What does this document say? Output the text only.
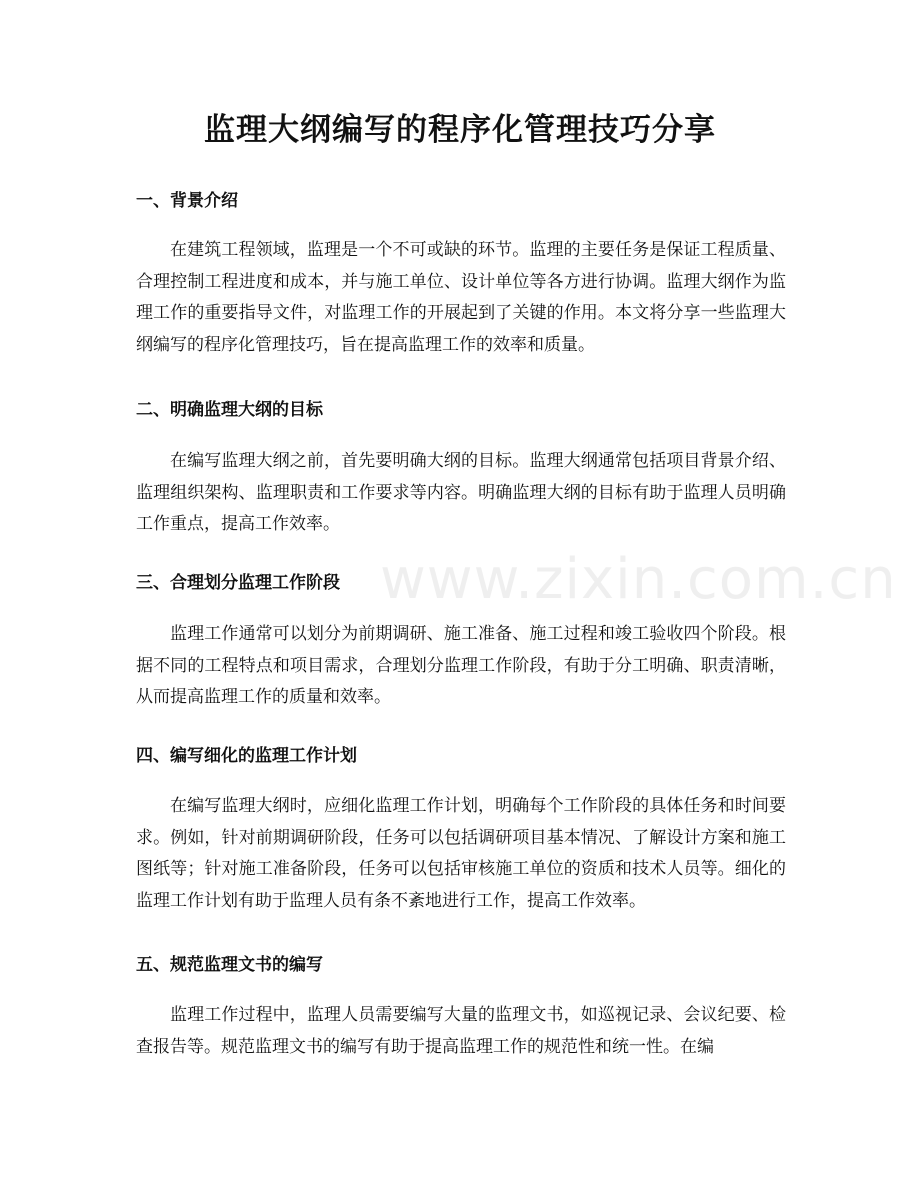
监理大纲编写的程序化管理技巧分享
一、背景介绍

在建筑工程领域，监理是一个不可或缺的环节。监理的主要任务是保证工程质量、合理控制工程进度和成本，并与施工单位、设计单位等各方进行协调。监理大纲作为监理工作的重要指导文件，对监理工作的开展起到了关键的作用。本文将分享一些监理大纲编写的程序化管理技巧，旨在提高监理工作的效率和质量。

二、明确监理大纲的目标

在编写监理大纲之前，首先要明确大纲的目标。监理大纲通常包括项目背景介绍、监理组织架构、监理职责和工作要求等内容。明确监理大纲的目标有助于监理人员明确工作重点，提高工作效率。

三、合理划分监理工作阶段

监理工作通常可以划分为前期调研、施工准备、施工过程和竣工验收四个阶段。根据不同的工程特点和项目需求，合理划分监理工作阶段，有助于分工明确、职责清晰，从而提高监理工作的质量和效率。

四、编写细化的监理工作计划

在编写监理大纲时，应细化监理工作计划，明确每个工作阶段的具体任务和时间要求。例如，针对前期调研阶段，任务可以包括调研项目基本情况、了解设计方案和施工图纸等；针对施工准备阶段，任务可以包括审核施工单位的资质和技术人员等。细化的监理工作计划有助于监理人员有条不紊地进行工作，提高工作效率。

五、规范监理文书的编写

监理工作过程中，监理人员需要编写大量的监理文书，如巡视记录、会议纪要、检查报告等。规范监理文书的编写有助于提高监理工作的规范性和统一性。在编

www.zixin.com.cn
